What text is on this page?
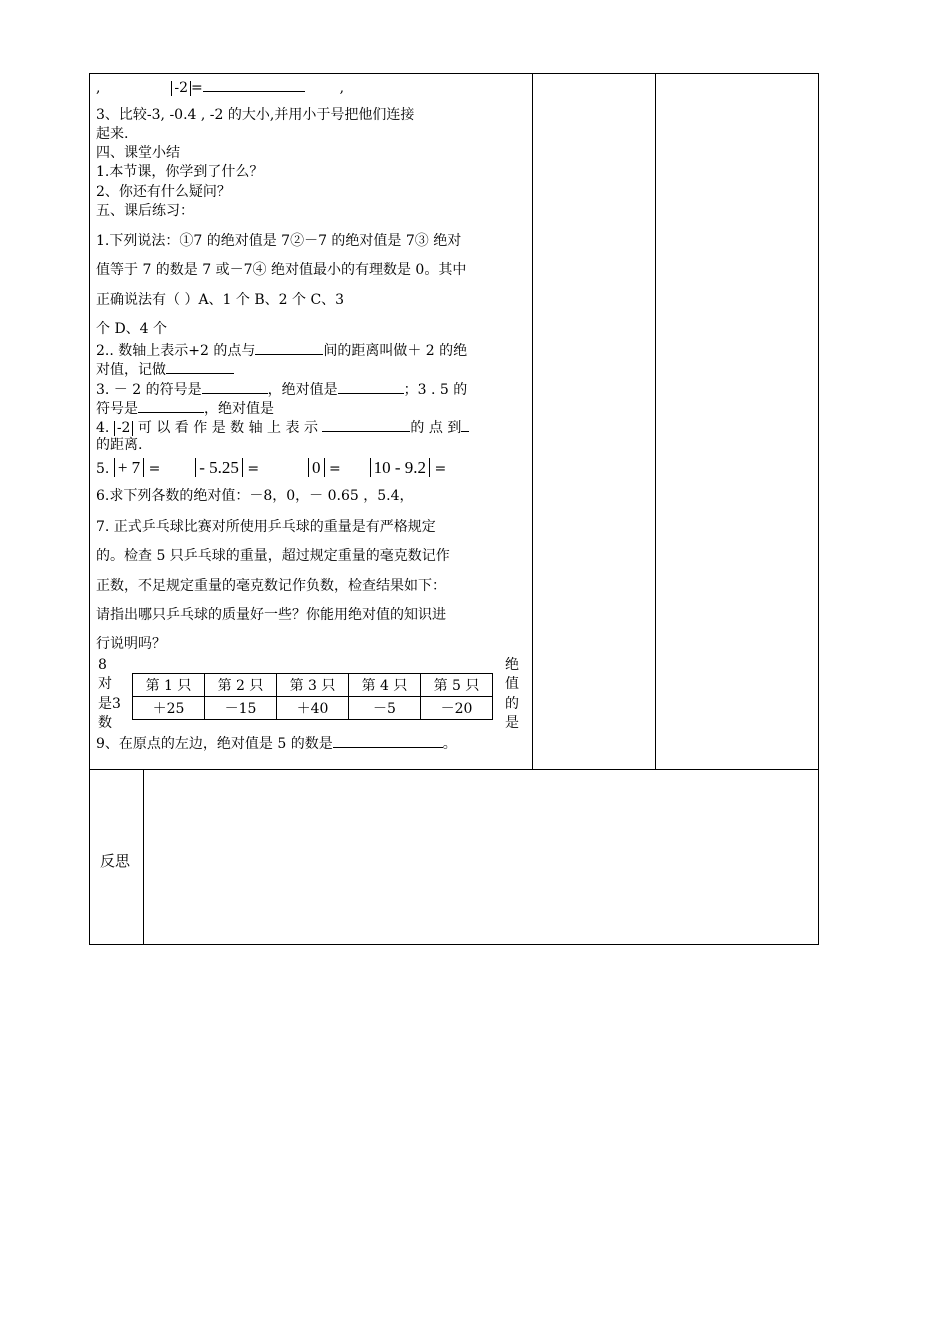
,	-2 =	,
3、比较-3, -0.4 , -2 的大小,并用小于号把他们连接
起来.
四、课堂小结
1.本节课，你学到了什么？
2、你还有什么疑问？
五、课后练习：
1.下列说法：①7 的绝对值是 7②－7 的绝对值是 7③ 绝对
值等于 7 的数是 7 或－7④ 绝对值最小的有理数是 0。其中
正确说法有（ ）A、1 个 B、2 个 C、3
个 D、4 个
2.. 数轴上表示+2 的点与	间的距离叫做＋ 2 的绝
对值，记做
3. － 2 的符号是	，绝对值是	；3 . 5 的
符号是	，绝对值是
4. -2 可 以 看 作 是 数 轴 上 表 示	的 点 到
的距离.
5. + 7 = - 5.25 =	0 = 10 - 9.2 =
6.求下列各数的绝对值：－8，0，－ 0.65 ，5.4，
7. 正式乒乓球比赛对所使用乒乓球的重量是有严格规定
的。检查 5 只乒乓球的重量，超过规定重量的毫克数记作
正数，不足规定重量的毫克数记作负数，检查结果如下：
请指出哪只乒乓球的质量好一些？你能用绝对值的知识进
行说明吗？
8
对
是3
数
绝
值
的
是
第 1 只	第 2 只	第 3 只	第 4 只	第 5 只
＋25	－15	＋40	－5	－20
9、在原点的左边，绝对值是 5 的数是	。
反思
